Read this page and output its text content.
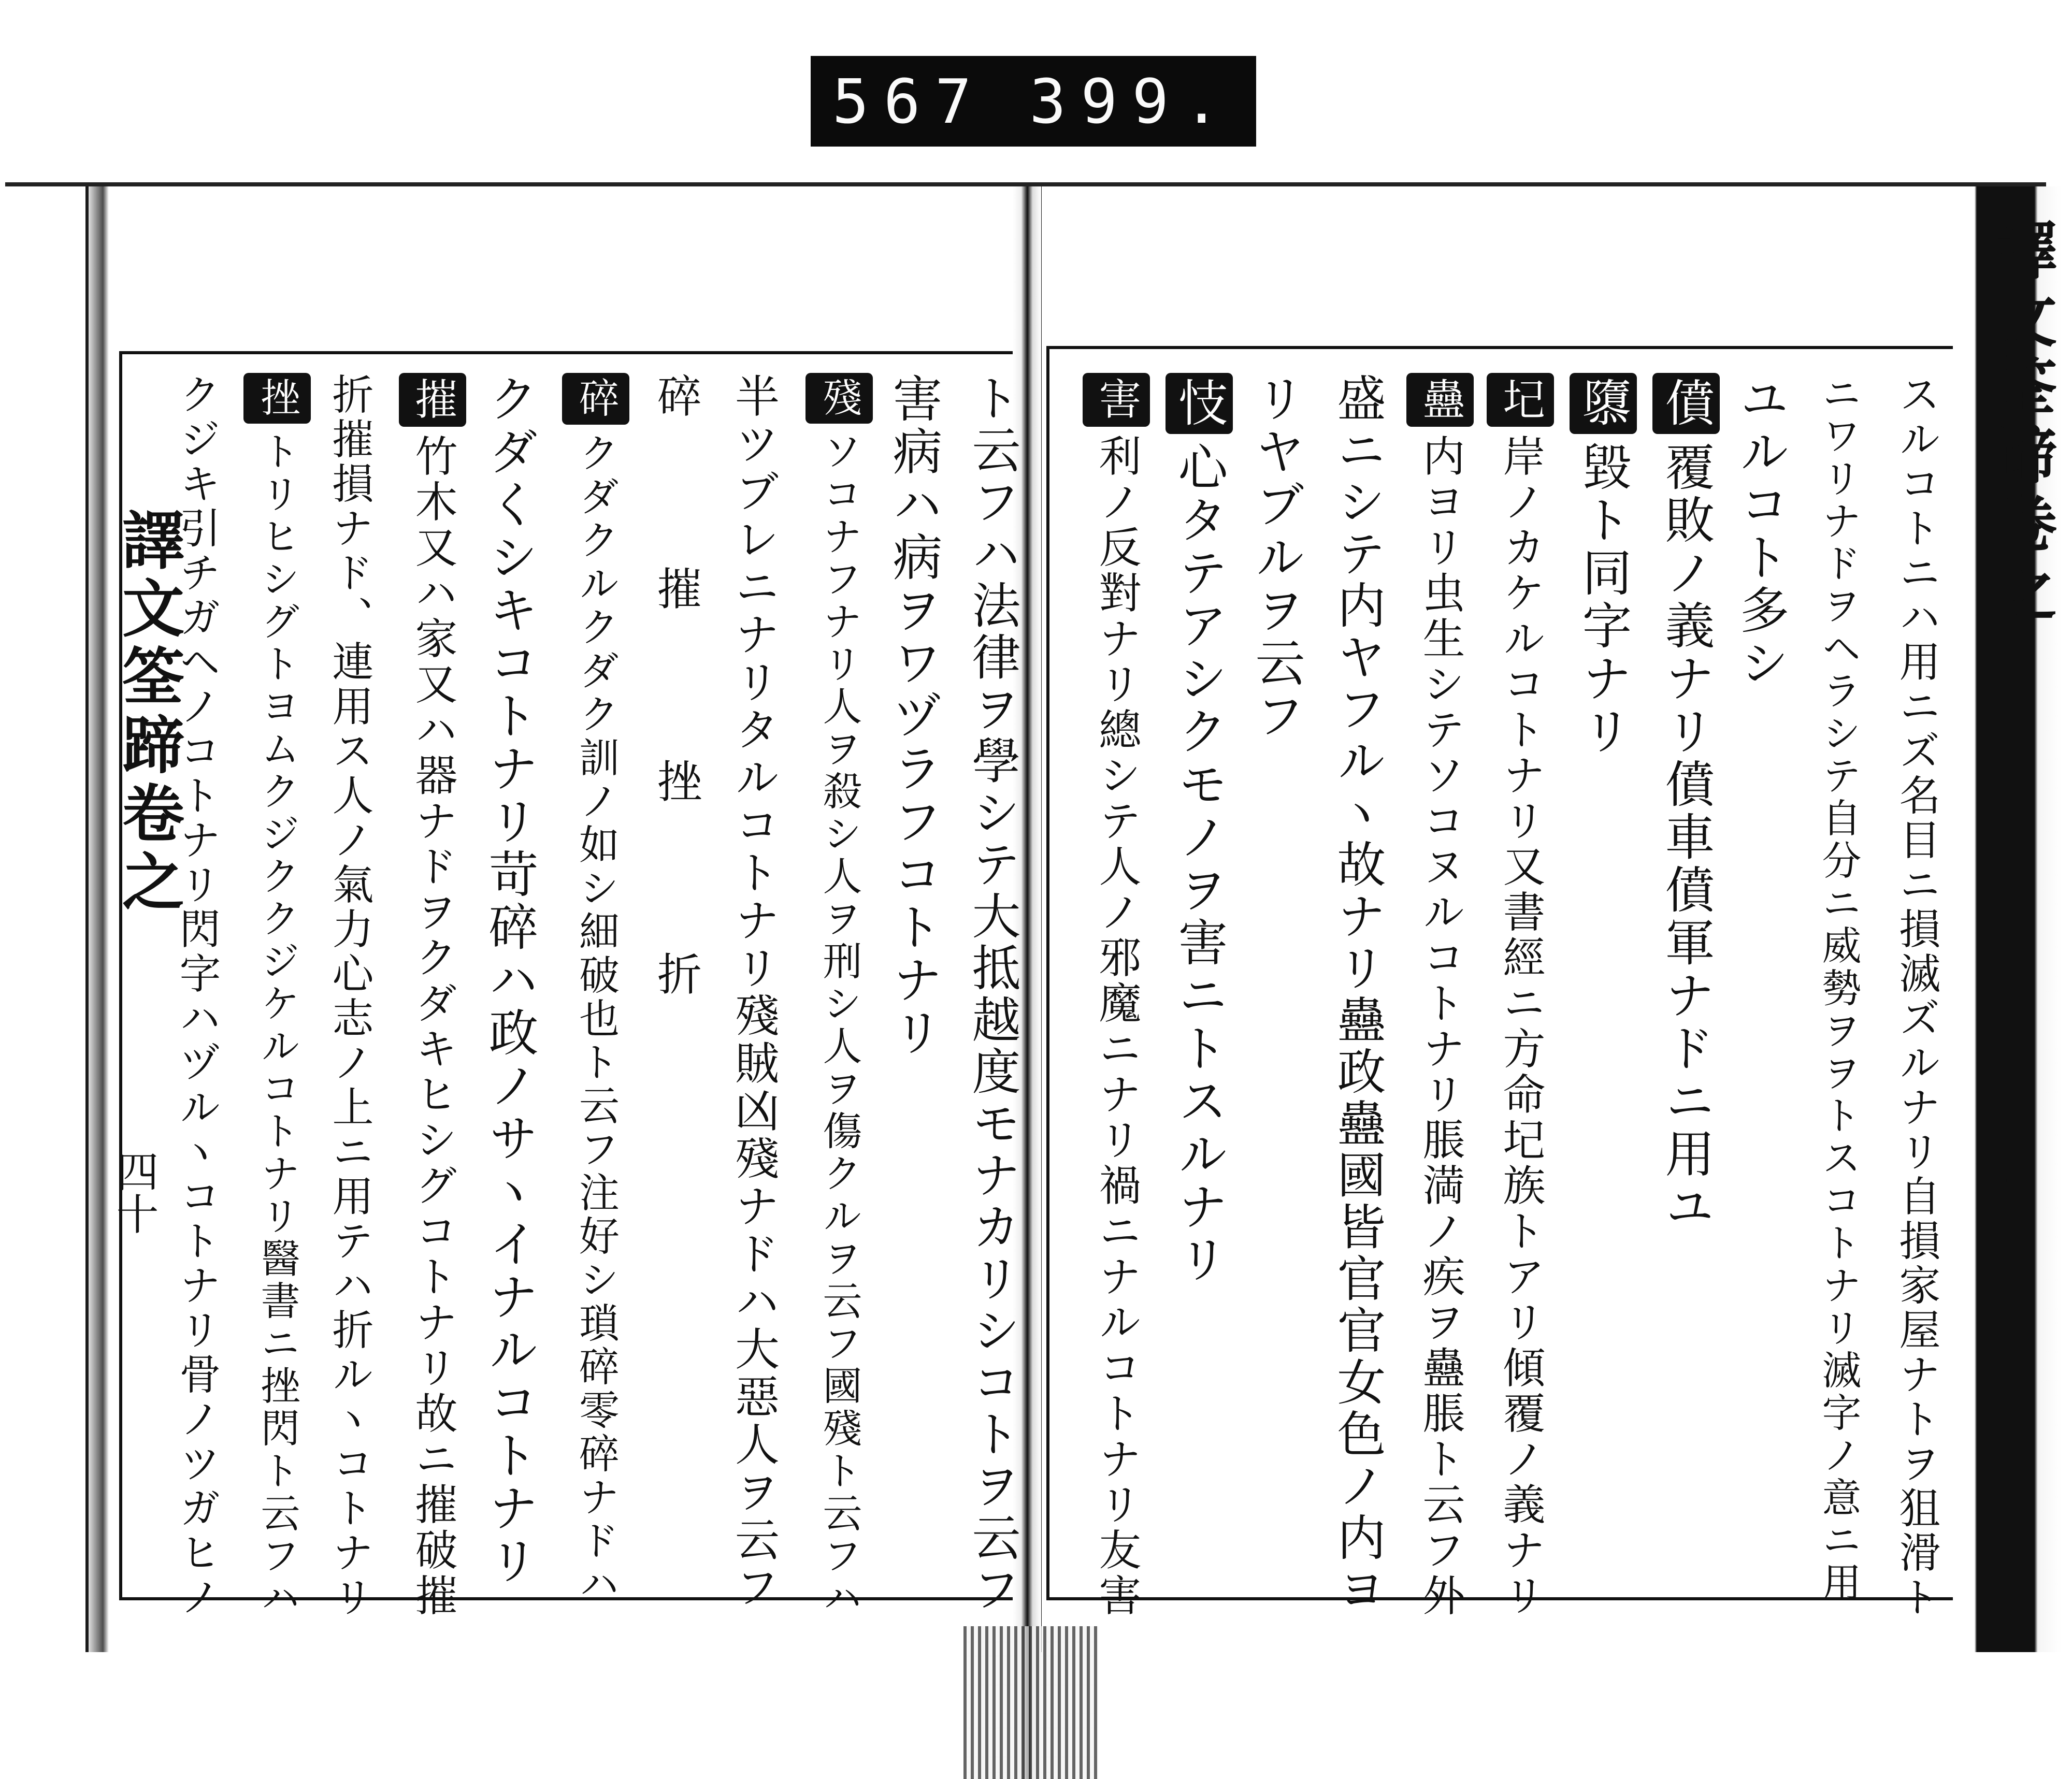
567 399.
譯文筌蹄卷之
四十
譯文筌蹄卷之
四十
ト云フハ法律ヲ學シテ大抵越度モナカリシコトヲ云フ
害病ハ病ヲワヅラフコトナリ
殘ソコナフナリ人ヲ殺シ人ヲ刑シ人ヲ傷クルヲ云フ國殘ト云フハ
半ツブレニナリタルコトナリ殘賊凶殘ナドハ大惡人ヲ云フ
碎　摧　挫　折
碎クダクルクダク訓ノ如シ細破也ト云フ注好シ瑣碎零碎ナドハ
クダくシキコトナリ苛碎ハ政ノサヽイナルコトナリ
摧竹木又ハ家又ハ器ナドヲクダキヒシグコトナリ故ニ摧破摧
折摧損ナド、連用ス人ノ氣力心志ノ上ニ用テハ折ルヽコトナリ
挫トリヒシグトヨムクジククジケルコトナリ醫書ニ挫閃ト云フハ
クジキ引チガヘノコトナリ閃字ハヅルヽコトナリ骨ノツガヒノ	スルコトニハ用ニズ名目ニ損滅ズルナリ自損家屋ナトヲ狙滑ト
ニワリナドヲヘラシテ自分ニ威勢ヲヲトスコトナリ滅字ノ意ニ用
ユルコト多シ
僨覆敗ノ義ナリ僨車僨軍ナドニ用ユ
隳毀ト同字ナリ
圮岸ノカケルコトナリ又書經ニ方命圮族トアリ傾覆ノ義ナリ
蠱内ヨリ虫生シテソコヌルコトナリ脹満ノ疾ヲ蠱脹ト云フ外
盛ニシテ内ヤフルヽ故ナリ蠱政蠱國皆官官女色ノ内ヨ
リヤブルヲ云フ
忮心タテアシクモノヲ害ニトスルナリ
害利ノ反對ナリ總シテ人ノ邪魔ニナリ禍ニナルコトナリ友害
